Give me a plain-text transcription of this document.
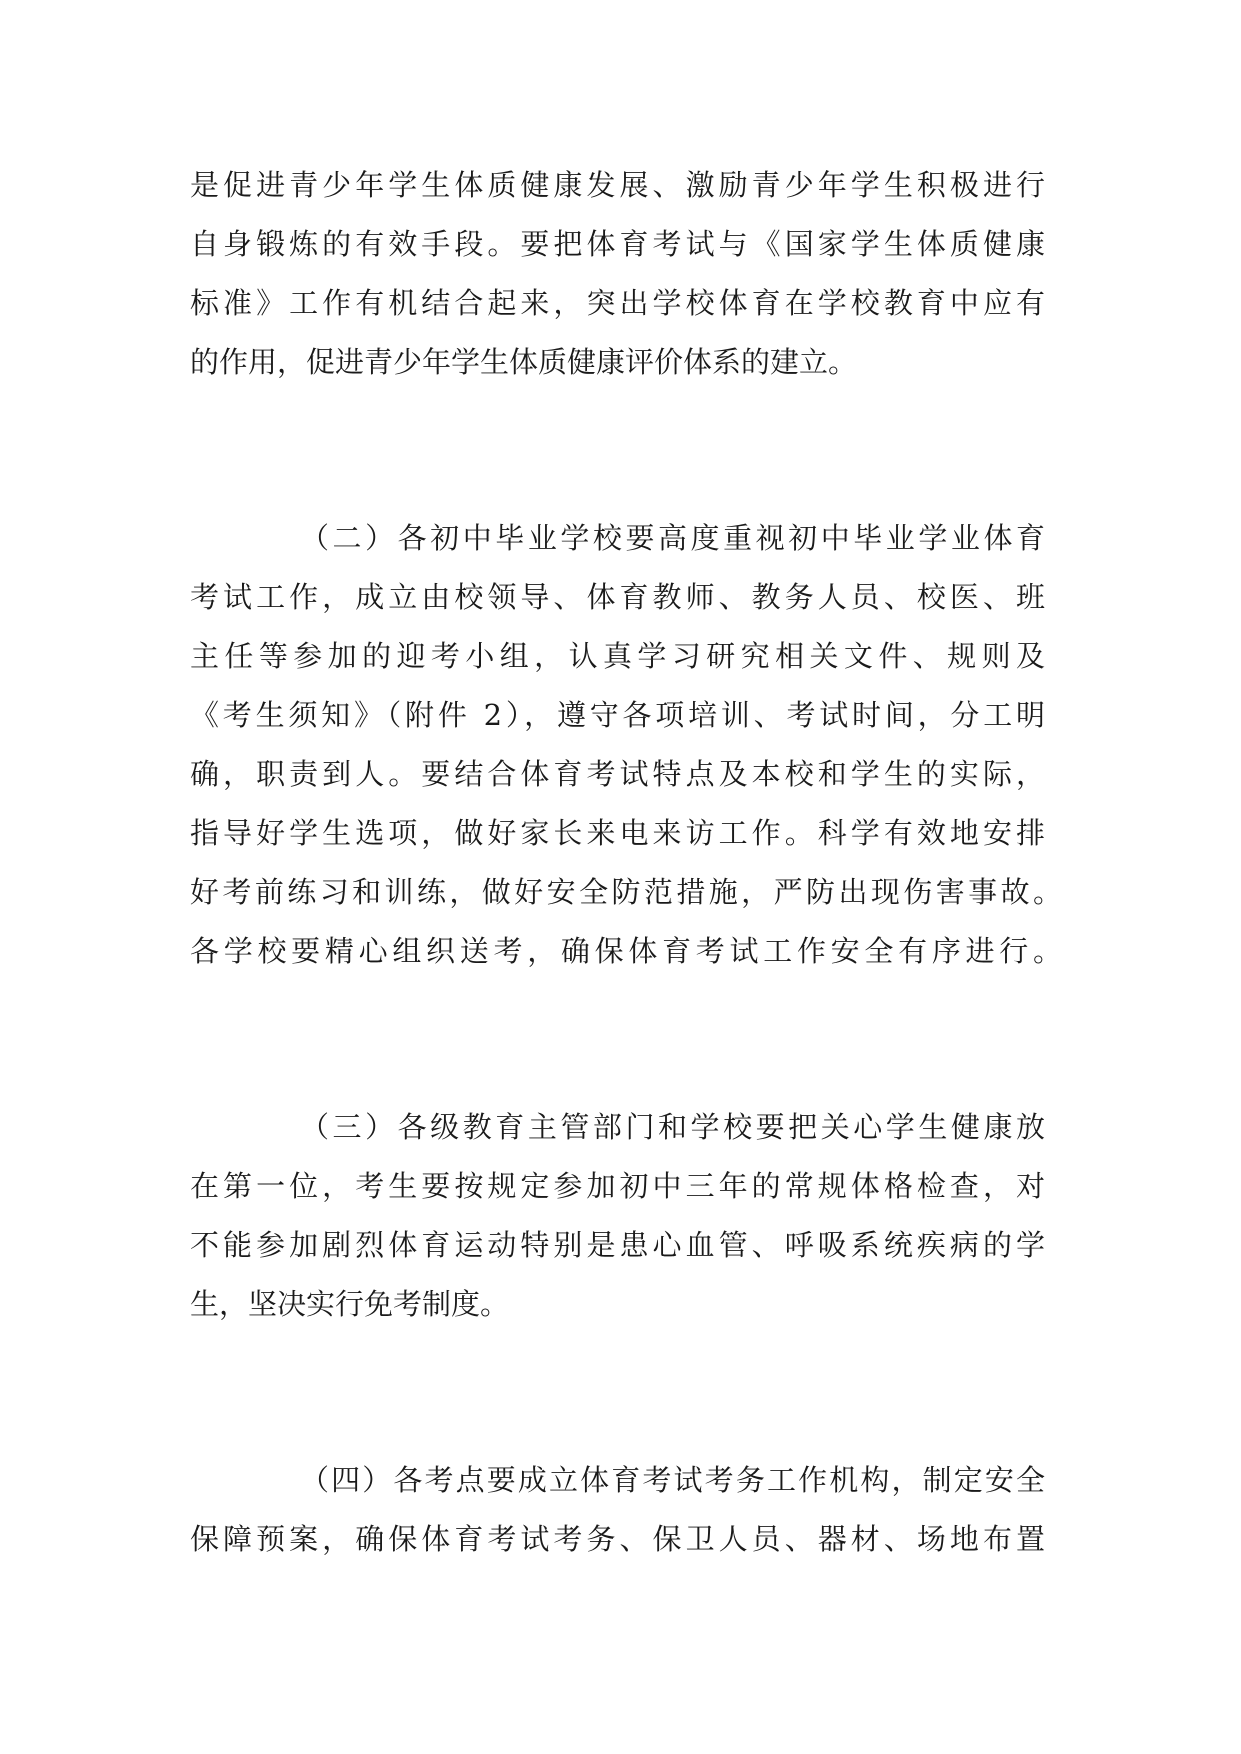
是促进青少年学生体质健康发展、激励青少年学生积极进行

自身锻炼的有效手段。要把体育考试与《国家学生体质健康

标准》工作有机结合起来，突出学校体育在学校教育中应有

的作用，促进青少年学生体质健康评价体系的建立。

（二）各初中毕业学校要高度重视初中毕业学业体育

考试工作，成立由校领导、体育教师、教务人员、校医、班

主任等参加的迎考小组，认真学习研究相关文件、规则及

《考生须知》（附件 2），遵守各项培训、考试时间，分工明

确，职责到人。要结合体育考试特点及本校和学生的实际，

指导好学生选项，做好家长来电来访工作。科学有效地安排

好考前练习和训练，做好安全防范措施，严防出现伤害事故。

各学校要精心组织送考，确保体育考试工作安全有序进行。

（三）各级教育主管部门和学校要把关心学生健康放

在第一位，考生要按规定参加初中三年的常规体格检查，对

不能参加剧烈体育运动特别是患心血管、呼吸系统疾病的学

生，坚决实行免考制度。

（四）各考点要成立体育考试考务工作机构，制定安全

保障预案，确保体育考试考务、保卫人员、器材、场地布置
